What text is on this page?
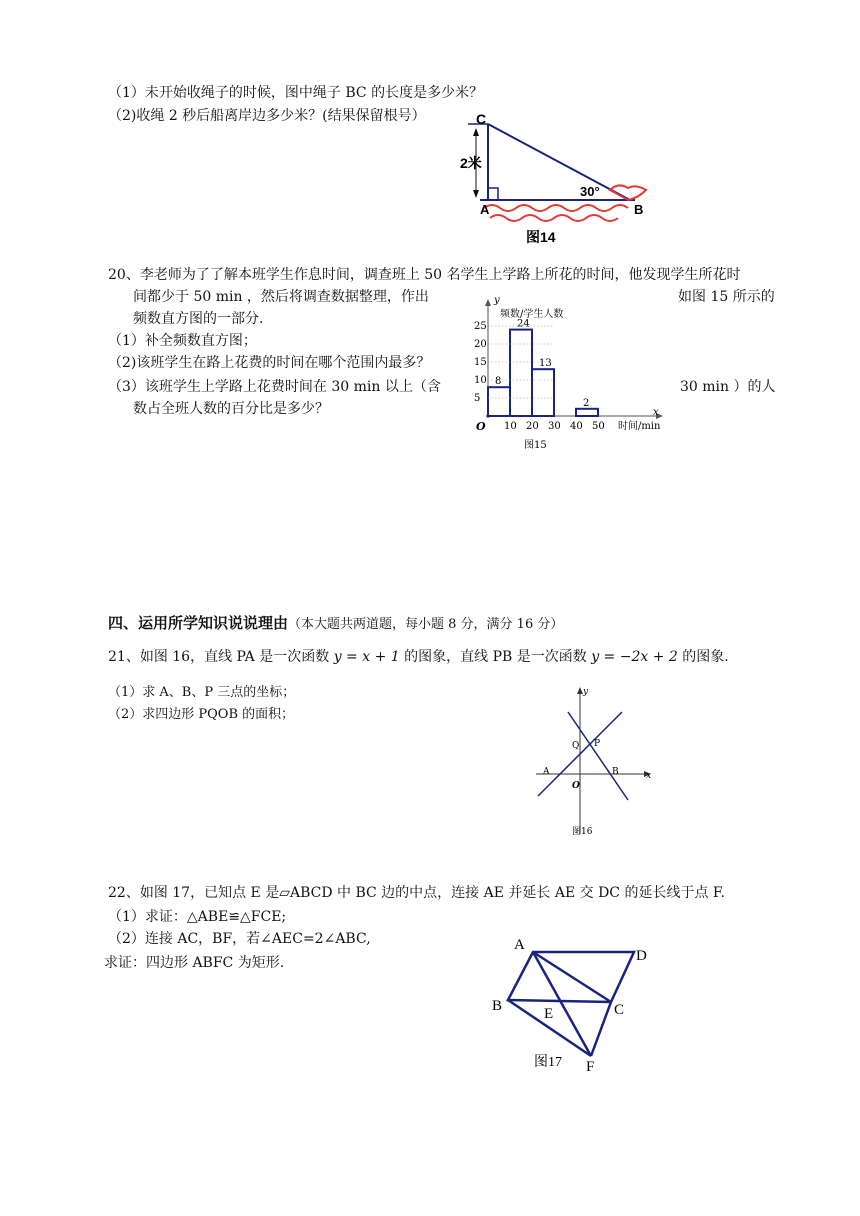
（1）未开始收绳子的时候，图中绳子 BC 的长度是多少米？
（2)收绳 2 秒后船离岸边多少米？(结果保留根号）	C
2米
A	B
30°
图14
20、李老师为了了解本班学生作息时间，调查班上 50 名学生上学路上所花的时间，他发现学生所花时
间都少于 50 min ，然后将调查数据整理，作出	如图 15 所示的
频数直方图的一部分.
（1）补全频数直方图；
（2)该班学生在路上花费的时间在哪个范围内最多？
（3）该班学生上学路上花费时间在 30 min 以上（含	30 min ）的人
数占全班人数的百分比是多少？
8
24
13
2
5
10
15
20
25
10 20 30 40 50
y
频数/学生人数
x
时间/min
O
图15
四、运用所学知识说说理由（本大题共两道题，每小题 8 分，满分 16 分）
21、如图 16，直线 PA 是一次函数 y = x + 1 的图象，直线 PB 是一次函数 y = −2x + 2 的图象.
（1）求 A、B、P 三点的坐标；
（2）求四边形 PQOB 的面积；
y
x
Q P
A	B
O
图16
22、如图 17，已知点 E 是▱ABCD 中 BC 边的中点，连接 AE 并延长 AE 交 DC 的延长线于点 F.
（1）求证：△ABE≌△FCE;
（2）连接 AC，BF，若∠AEC=2∠ABC,
求证：四边形 ABFC 为矩形.
A
D
B	C
E
F
图17
